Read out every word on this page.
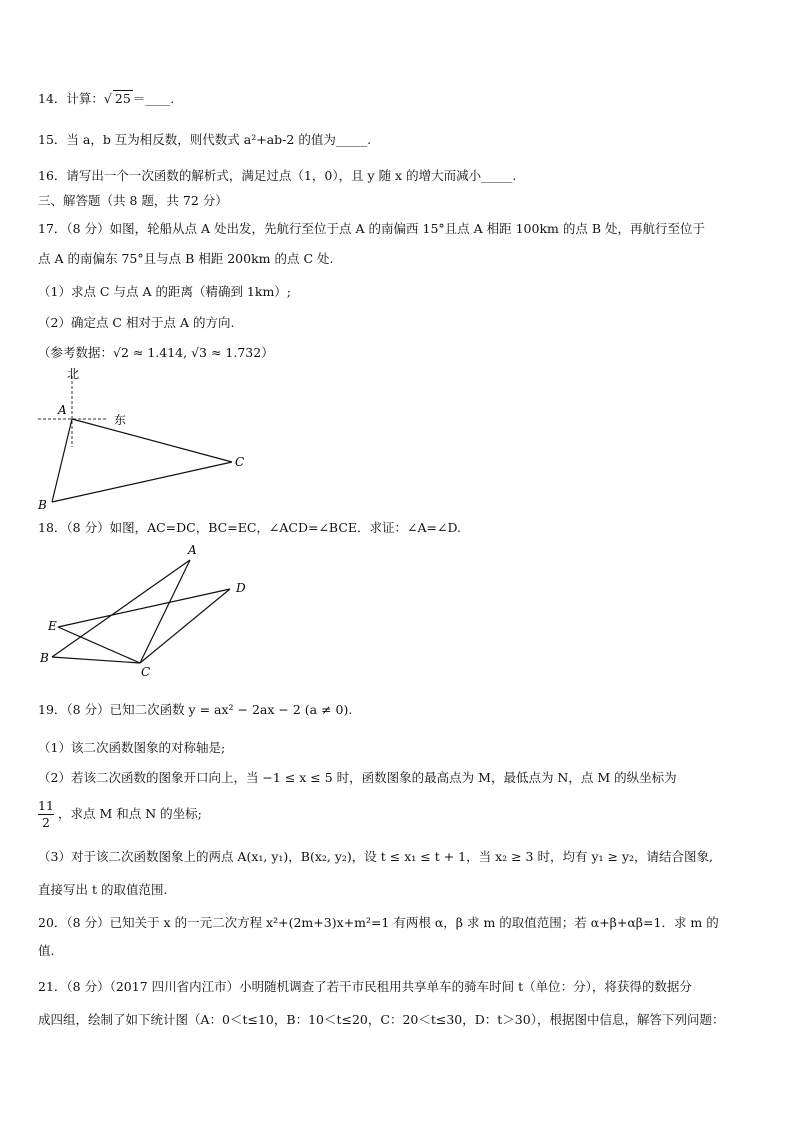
14．计算：√ 25 ＝____.
15．当 a，b 互为相反数，则代数式 a²+ab-2 的值为_____.
16．请写出一个一次函数的解析式，满足过点（1，0），且 y 随 x 的增大而减小_____.
三、解答题（共 8 题，共 72 分）
17．（8 分）如图，轮船从点 A 处出发，先航行至位于点 A 的南偏西 15°且点 A 相距 100km 的点 B 处，再航行至位于
点 A 的南偏东 75°且与点 B 相距 200km 的点 C 处.
（1）求点 C 与点 A 的距离（精确到 1km）;
（2）确定点 C 相对于点 A 的方向.
（参考数据：√2 ≈ 1.414, √3 ≈ 1.732）
北
东
A
B
C
18．（8 分）如图，AC=DC，BC=EC，∠ACD=∠BCE．求证：∠A=∠D.
A
D
E
B
C
19．（8 分）已知二次函数 y = ax² − 2ax − 2 (a ≠ 0).
（1）该二次函数图象的对称轴是;
（2）若该二次函数的图象开口向上，当 −1 ≤ x ≤ 5 时，函数图象的最高点为 M，最低点为 N，点 M 的纵坐标为
$\frac{11}{2}$ ，求点 M 和点 N 的坐标;
（3）对于该二次函数图象上的两点 A(x₁, y₁)，B(x₂, y₂)，设 t ≤ x₁ ≤ t + 1，当 x₂ ≥ 3 时，均有 y₁ ≥ y₂，请结合图象,
直接写出 t 的取值范围.
20．（8 分）已知关于 x 的一元二次方程 x²+(2m+3)x+m²=1 有两根 α，β 求 m 的取值范围；若 α+β+αβ=1．求 m 的
值.
21．（8 分）（2017 四川省内江市）小明随机调查了若干市民租用共享单车的骑车时间 t（单位：分），将获得的数据分
成四组，绘制了如下统计图（A：0＜t≤10，B：10＜t≤20，C：20＜t≤30，D：t＞30），根据图中信息，解答下列问题：
